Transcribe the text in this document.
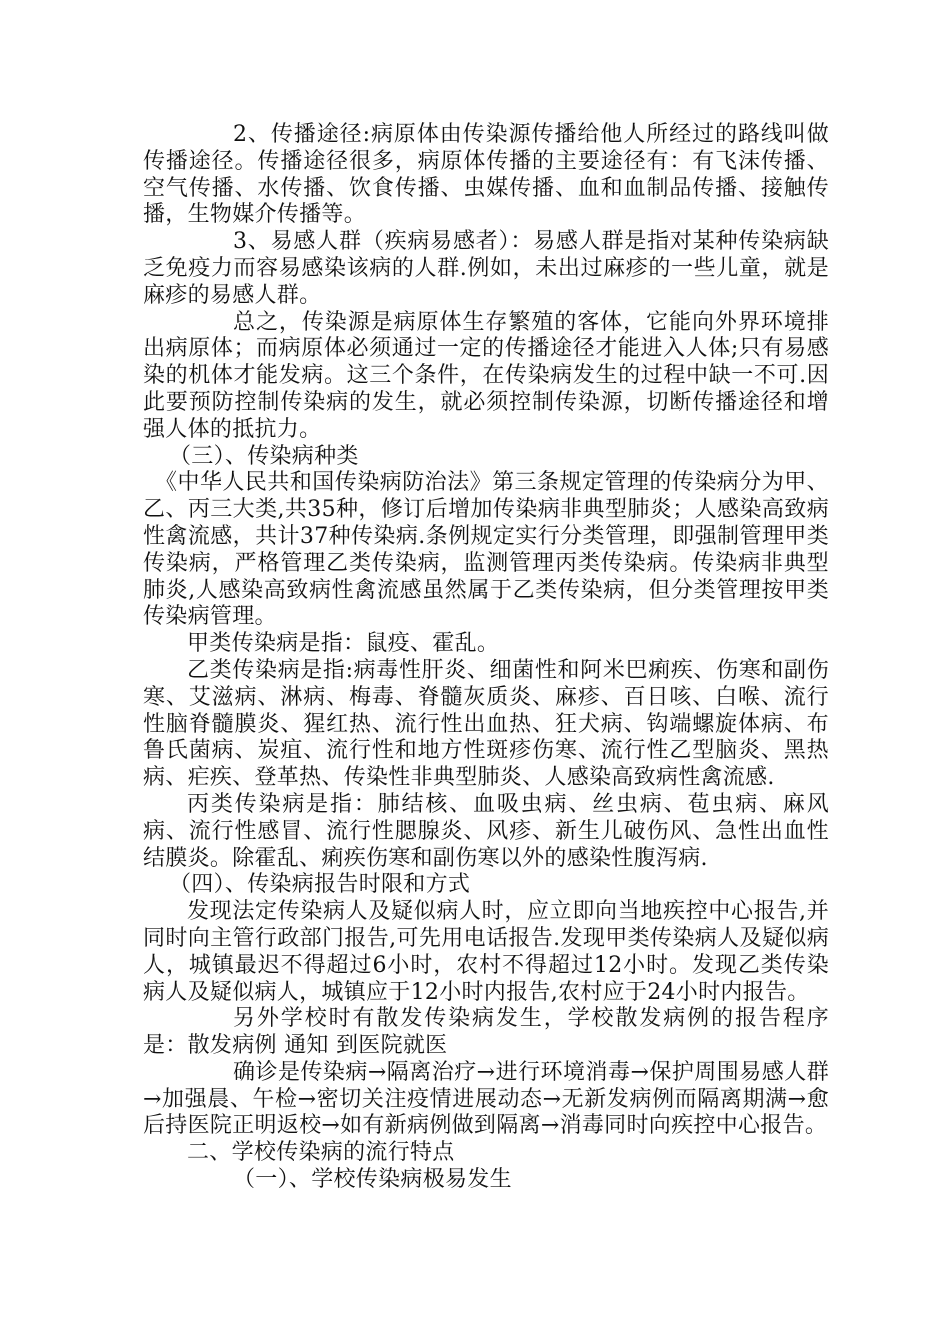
2、传播途径:病原体由传染源传播给他人所经过的路线叫做传播途径。传播途径很多，病原体传播的主要途径有：有飞沫传播、空气传播、水传播、饮食传播、虫媒传播、血和血制品传播、接触传播，生物媒介传播等。

3、易感人群（疾病易感者）：易感人群是指对某种传染病缺乏免疫力而容易感染该病的人群.例如，未出过麻疹的一些儿童，就是麻疹的易感人群。

总之，传染源是病原体生存繁殖的客体，它能向外界环境排出病原体；而病原体必须通过一定的传播途径才能进入人体;只有易感染的机体才能发病。这三个条件，在传染病发生的过程中缺一不可.因此要预防控制传染病的发生，就必须控制传染源，切断传播途径和增强人体的抵抗力。

（三）、传染病种类

《中华人民共和国传染病防治法》第三条规定管理的传染病分为甲、乙、丙三大类,共35种，修订后增加传染病非典型肺炎；人感染高致病性禽流感，共计37种传染病.条例规定实行分类管理，即强制管理甲类传染病，严格管理乙类传染病，监测管理丙类传染病。传染病非典型肺炎,人感染高致病性禽流感虽然属于乙类传染病，但分类管理按甲类传染病管理。

甲类传染病是指：鼠疫、霍乱。

乙类传染病是指:病毒性肝炎、细菌性和阿米巴痢疾、伤寒和副伤寒、艾滋病、淋病、梅毒、脊髓灰质炎、麻疹、百日咳、白喉、流行性脑脊髓膜炎、猩红热、流行性出血热、狂犬病、钩端螺旋体病、布鲁氏菌病、炭疽、流行性和地方性斑疹伤寒、流行性乙型脑炎、黑热病、疟疾、登革热、传染性非典型肺炎、人感染高致病性禽流感.

丙类传染病是指：肺结核、血吸虫病、丝虫病、苞虫病、麻风病、流行性感冒、流行性腮腺炎、风疹、新生儿破伤风、急性出血性结膜炎。除霍乱、痢疾伤寒和副伤寒以外的感染性腹泻病.

（四）、传染病报告时限和方式

发现法定传染病人及疑似病人时，应立即向当地疾控中心报告,并同时向主管行政部门报告,可先用电话报告.发现甲类传染病人及疑似病人，城镇最迟不得超过6小时，农村不得超过12小时。发现乙类传染病人及疑似病人，城镇应于12小时内报告,农村应于24小时内报告。

另外学校时有散发传染病发生，学校散发病例的报告程序是：散发病例 通知 到医院就医

确诊是传染病→隔离治疗→进行环境消毒→保护周围易感人群→加强晨、午检→密切关注疫情进展动态→无新发病例而隔离期满→愈后持医院正明返校→如有新病例做到隔离→消毒同时向疾控中心报告。

二、学校传染病的流行特点

（一）、学校传染病极易发生
